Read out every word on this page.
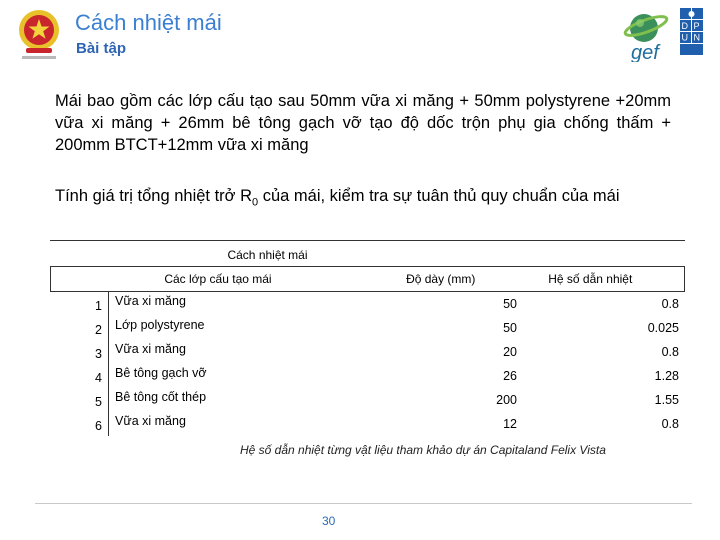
Cách nhiệt mái
Bài tập	gef
U N
D P
Mái bao gồm các lớp cấu tạo sau 50mm vữa xi măng + 50mm polystyrene +20mm vữa xi măng + 26mm bê tông gạch vỡ tạo độ dốc trộn phụ gia chống thấm + 200mm BTCT+12mm vữa xi măng
Tính giá trị tổng nhiệt trở $R_0$ của mái, kiểm tra sự tuân thủ quy chuẩn của mái
Cách nhiệt mái
Các lớp cấu tạo mái	Độ dày (mm)	Hệ số dẫn nhiệt
1	Vữa xi măng	50	0.8
2	Lớp polystyrene	50	0.025
3	Vữa xi măng	20	0.8
4	Bê tông gạch vỡ	26	1.28
5	Bê tông cốt thép	200	1.55
6	Vữa xi măng	12	0.8
Hệ số dẫn nhiệt từng vật liệu tham khảo dự án Capitaland Felix Vista
30
